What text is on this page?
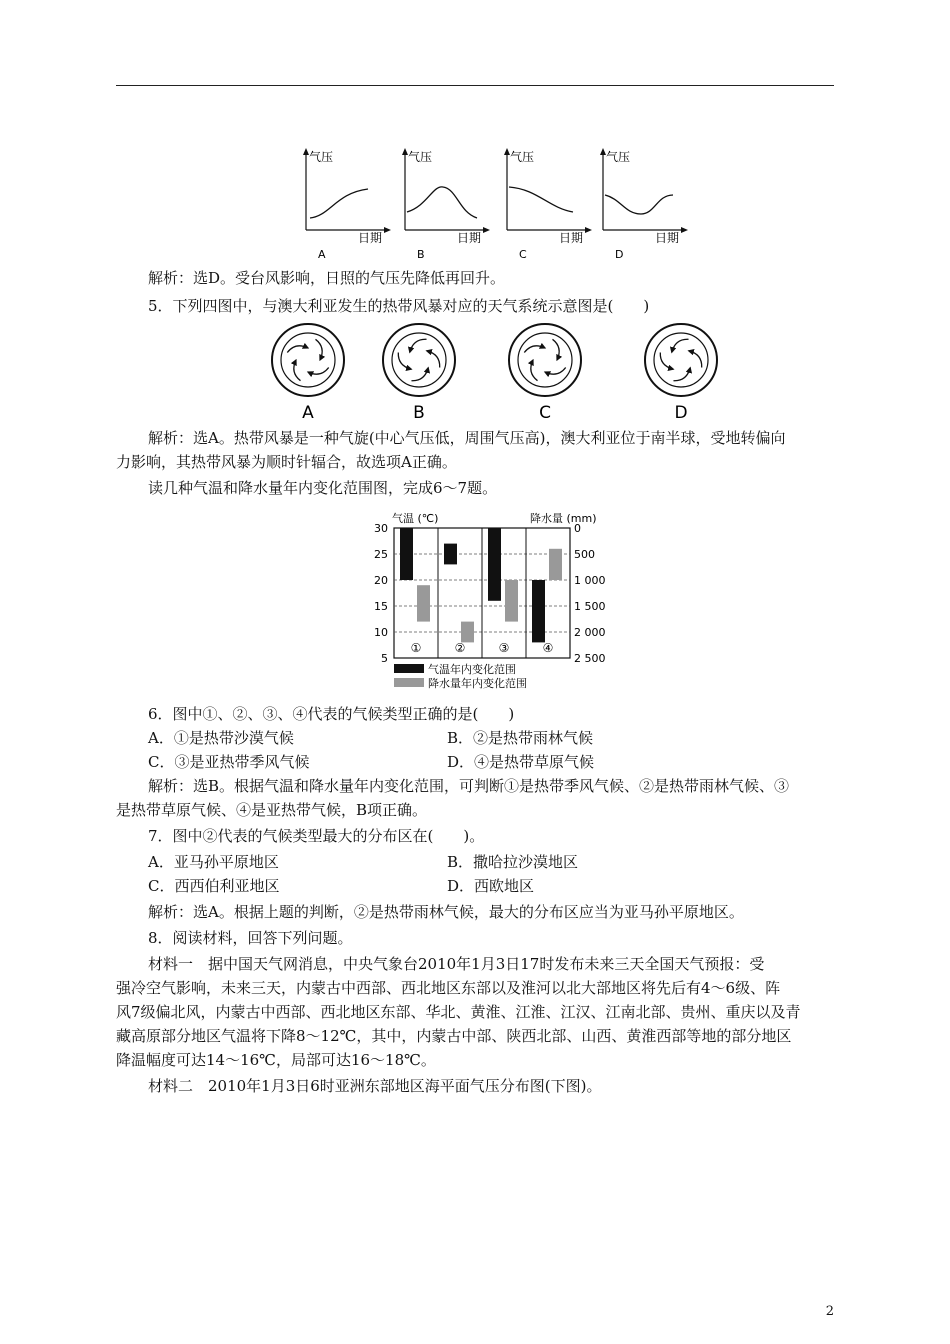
气压
日期
A
气压
日期
B
气压
日期
C
气压
日期
D
解析：选D。受台风影响，日照的气压先降低再回升。
5．下列四图中，与澳大利亚发生的热带风暴对应的天气系统示意图是(　　)
A	B	C	D
解析：选A。热带风暴是一种气旋(中心气压低，周围气压高)，澳大利亚位于南半球，受地转偏向
力影响，其热带风暴为顺时针辐合，故选项A正确。
读几种气温和降水量年内变化范围图，完成6～7题。
气温 (℃)	降水量 (mm)
30
25
20
15
10
5
0
500
1 000
1 500
2 000
2 500
①	②	③	④
气温年内变化范围
降水量年内变化范围
6．图中①、②、③、④代表的气候类型正确的是(　　)
A．①是热带沙漠气候	B．②是热带雨林气候
C．③是亚热带季风气候	D．④是热带草原气候
解析：选B。根据气温和降水量年内变化范围，可判断①是热带季风气候、②是热带雨林气候、③
是热带草原气候、④是亚热带气候，B项正确。
7．图中②代表的气候类型最大的分布区在(　　)。
A．亚马孙平原地区	B．撒哈拉沙漠地区
C．西西伯利亚地区	D．西欧地区
解析：选A。根据上题的判断，②是热带雨林气候，最大的分布区应当为亚马孙平原地区。
8．阅读材料，回答下列问题。
材料一　据中国天气网消息，中央气象台2010年1月3日17时发布未来三天全国天气预报：受
强冷空气影响，未来三天，内蒙古中西部、西北地区东部以及淮河以北大部地区将先后有4～6级、阵
风7级偏北风，内蒙古中西部、西北地区东部、华北、黄淮、江淮、江汉、江南北部、贵州、重庆以及青
藏高原部分地区气温将下降8～12℃，其中，内蒙古中部、陕西北部、山西、黄淮西部等地的部分地区
降温幅度可达14～16℃，局部可达16～18℃。
材料二　2010年1月3日6时亚洲东部地区海平面气压分布图(下图)。
2
